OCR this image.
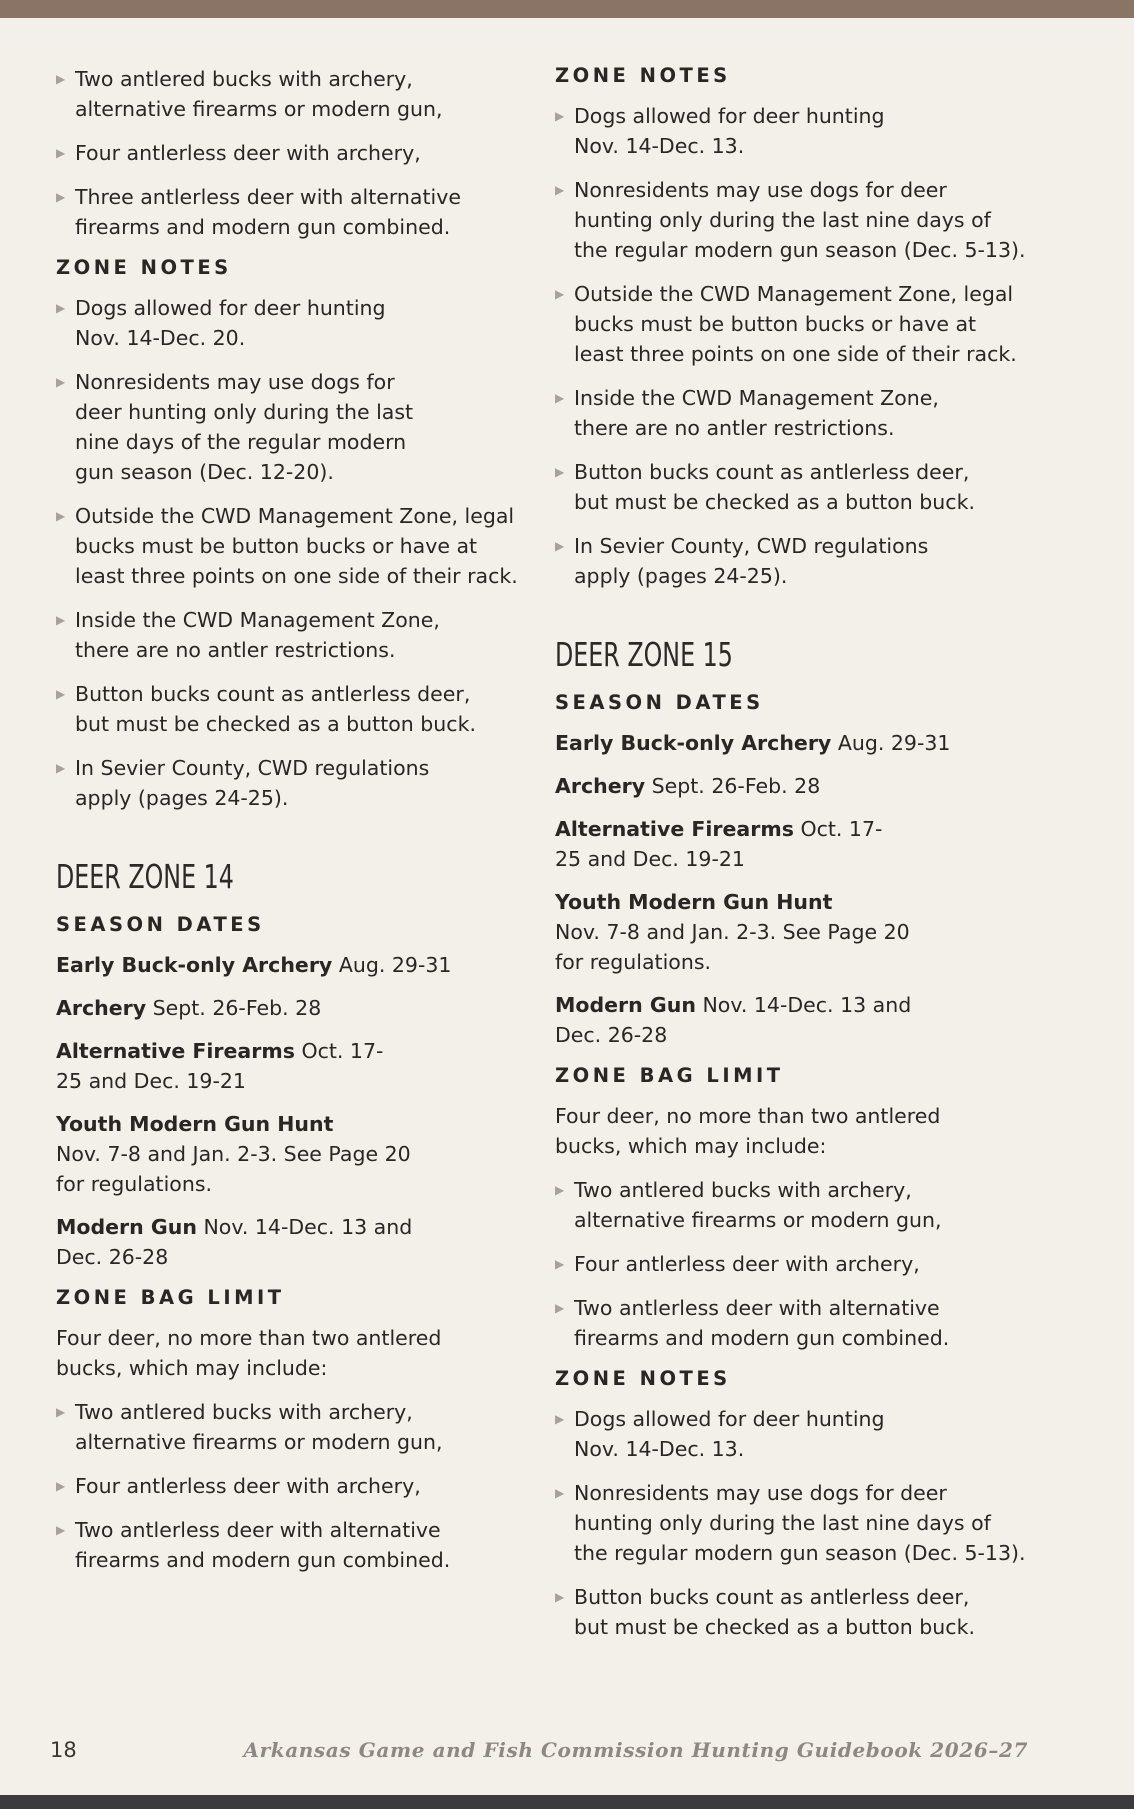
▶ Two antlered bucks with archery,
alternative firearms or modern gun,
▶ Four antlerless deer with archery,
▶ Three antlerless deer with alternative
firearms and modern gun combined.
ZONE NOTES
▶ Dogs allowed for deer hunting
Nov. 14-Dec. 20.
▶ Nonresidents may use dogs for
deer hunting only during the last
nine days of the regular modern
gun season (Dec. 12-20).
▶ Outside the CWD Management Zone, legal
bucks must be button bucks or have at
least three points on one side of their rack.
▶ Inside the CWD Management Zone,
there are no antler restrictions.
▶ Button bucks count as antlerless deer,
but must be checked as a button buck.
▶ In Sevier County, CWD regulations
apply (pages 24-25).
DEER ZONE 14
SEASON DATES
Early Buck-only Archery Aug. 29-31
Archery Sept. 26-Feb. 28
Alternative Firearms Oct. 17-
25 and Dec. 19-21
Youth Modern Gun Hunt
Nov. 7-8 and Jan. 2-3. See Page 20
for regulations.
Modern Gun Nov. 14-Dec. 13 and
Dec. 26-28
ZONE BAG LIMIT
Four deer, no more than two antlered
bucks, which may include:
▶ Two antlered bucks with archery,
alternative firearms or modern gun,
▶ Four antlerless deer with archery,
▶ Two antlerless deer with alternative
firearms and modern gun combined.
ZONE NOTES
▶ Dogs allowed for deer hunting
Nov. 14-Dec. 13.
▶ Nonresidents may use dogs for deer
hunting only during the last nine days of
the regular modern gun season (Dec. 5-13).
▶ Outside the CWD Management Zone, legal
bucks must be button bucks or have at
least three points on one side of their rack.
▶ Inside the CWD Management Zone,
there are no antler restrictions.
▶ Button bucks count as antlerless deer,
but must be checked as a button buck.
▶ In Sevier County, CWD regulations
apply (pages 24-25).
DEER ZONE 15
SEASON DATES
Early Buck-only Archery Aug. 29-31
Archery Sept. 26-Feb. 28
Alternative Firearms Oct. 17-
25 and Dec. 19-21
Youth Modern Gun Hunt
Nov. 7-8 and Jan. 2-3. See Page 20
for regulations.
Modern Gun Nov. 14-Dec. 13 and
Dec. 26-28
ZONE BAG LIMIT
Four deer, no more than two antlered
bucks, which may include:
▶ Two antlered bucks with archery,
alternative firearms or modern gun,
▶ Four antlerless deer with archery,
▶ Two antlerless deer with alternative
firearms and modern gun combined.
ZONE NOTES
▶ Dogs allowed for deer hunting
Nov. 14-Dec. 13.
▶ Nonresidents may use dogs for deer
hunting only during the last nine days of
the regular modern gun season (Dec. 5-13).
▶ Button bucks count as antlerless deer,
but must be checked as a button buck.
18	Arkansas Game and Fish Commission Hunting Guidebook 2026–27
